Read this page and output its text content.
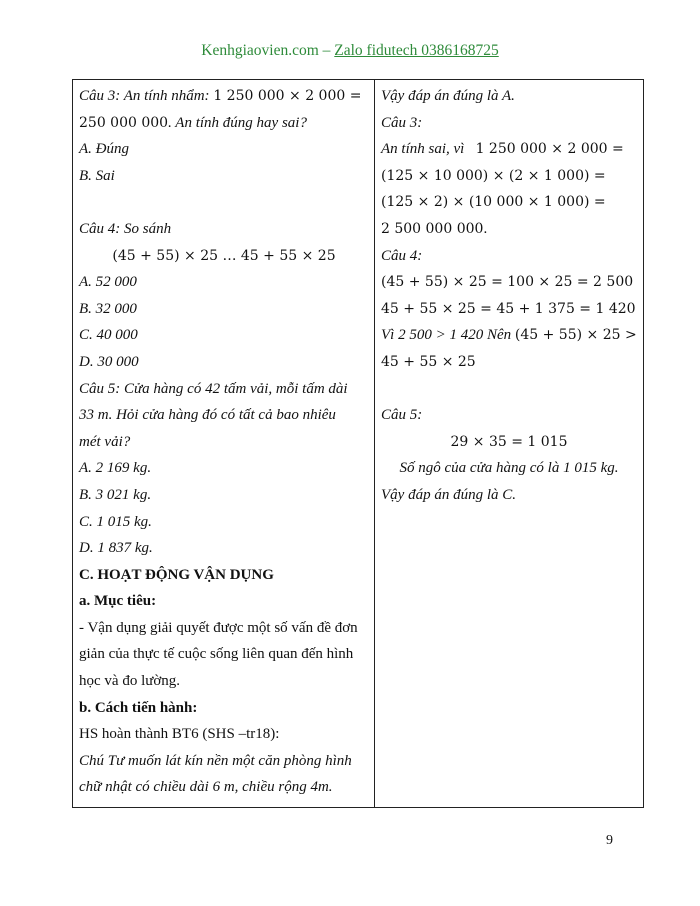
Kenhgiaovien.com – Zalo fidutech 0386168725
Câu 3: An tính nhẩm: 1 250 000 × 2 000 =
250 000 000. An tính đúng hay sai?
A. Đúng
B. Sai
Câu 4: So sánh
(45 + 55) × 25 … 45 + 55 × 25
A. 52 000
B. 32 000
C. 40 000
D. 30 000
Câu 5: Cửa hàng có 42 tấm vải, mỗi tấm dài
33 m. Hỏi cửa hàng đó có tất cả bao nhiêu
mét vải?
A. 2 169 kg.
B. 3 021 kg.
C. 1 015 kg.
D. 1 837 kg.
C. HOẠT ĐỘNG VẬN DỤNG
a. Mục tiêu:
- Vận dụng giải quyết được một số vấn đề đơn
giản của thực tế cuộc sống liên quan đến hình
học và đo lường.
b. Cách tiến hành:
HS hoàn thành BT6 (SHS –tr18):
Chú Tư muốn lát kín nền một căn phòng hình
chữ nhật có chiều dài 6 m, chiều rộng 4m.
Vậy đáp án đúng là A.
Câu 3:
An tính sai, vì 1 250 000 × 2 000 =
(125 × 10 000) × (2 × 1 000) =
(125 × 2) × (10 000 × 1 000) =
2 500 000 000.
Câu 4:
(45 + 55) × 25 = 100 × 25 = 2 500
45 + 55 × 25 = 45 + 1 375 = 1 420
Vì 2 500 > 1 420 Nên (45 + 55) × 25 >
45 + 55 × 25
Câu 5:
29 × 35 = 1 015
Số ngô của cửa hàng có là 1 015 kg.
Vậy đáp án đúng là C.
9
